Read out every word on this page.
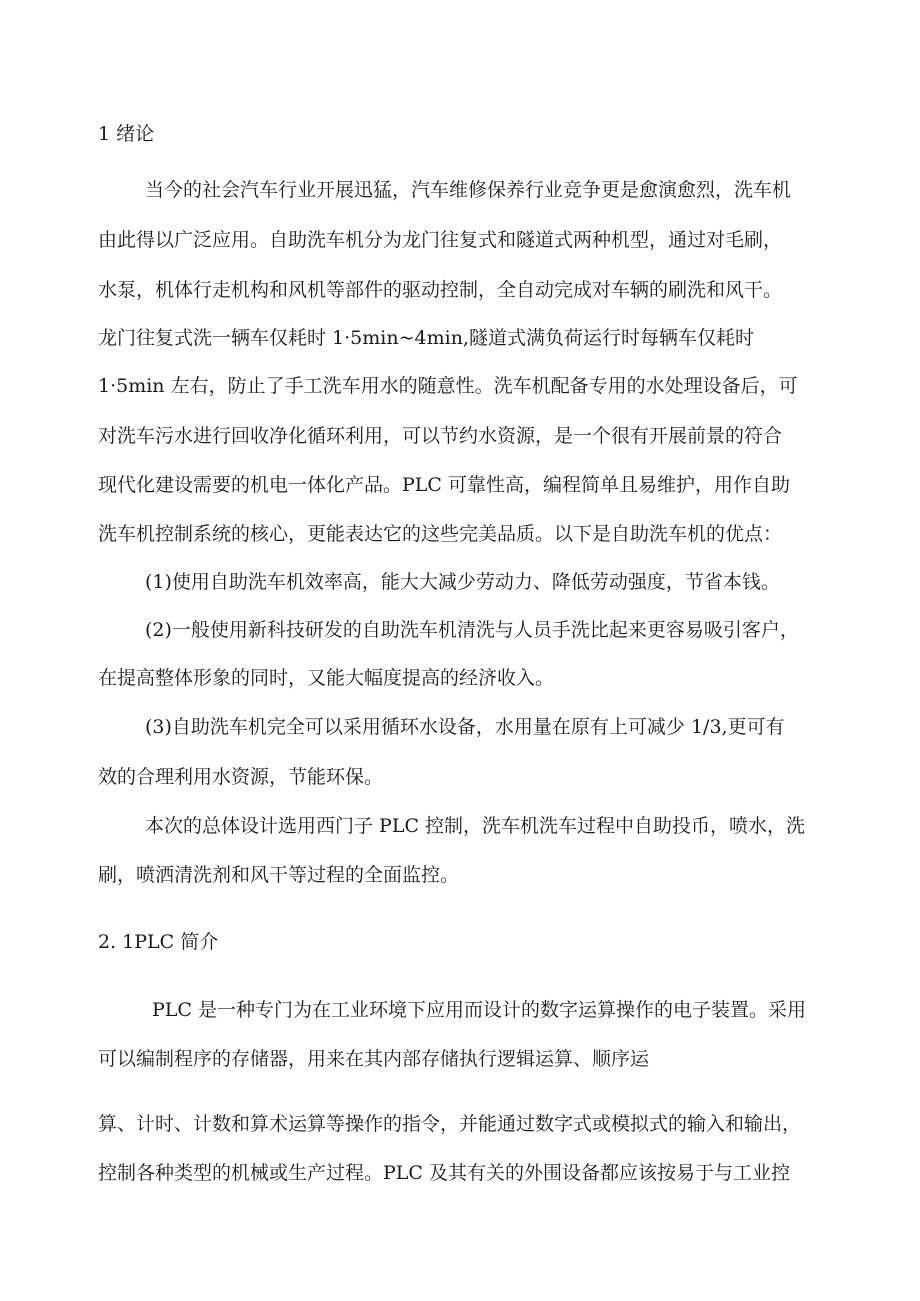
1 绪论
当今的社会汽车行业开展迅猛，汽车维修保养行业竞争更是愈演愈烈，洗车机
由此得以广泛应用。自助洗车机分为龙门往复式和隧道式两种机型，通过对毛刷，
水泵，机体行走机构和风机等部件的驱动控制，全自动完成对车辆的刷洗和风干。
龙门往复式洗一辆车仅耗时 1·5min~4min,隧道式满负荷运行时每辆车仅耗时
1·5min 左右，防止了手工洗车用水的随意性。洗车机配备专用的水处理设备后，可
对洗车污水进行回收净化循环利用，可以节约水资源，是一个很有开展前景的符合
现代化建设需要的机电一体化产品。PLC 可靠性高，编程简单且易维护，用作自助
洗车机控制系统的核心，更能表达它的这些完美品质。以下是自助洗车机的优点：
(1)使用自助洗车机效率高，能大大减少劳动力、降低劳动强度，节省本钱。
(2)一般使用新科技研发的自助洗车机清洗与人员手洗比起来更容易吸引客户，
在提高整体形象的同时，又能大幅度提高的经济收入。
(3)自助洗车机完全可以采用循环水设备，水用量在原有上可减少 1/3,更可有
效的合理利用水资源，节能环保。
本次的总体设计选用西门子 PLC 控制，洗车机洗车过程中自助投币，喷水，洗
刷，喷洒清洗剂和风干等过程的全面监控。
2. 1PLC 简介
PLC 是一种专门为在工业环境下应用而设计的数字运算操作的电子装置。采用
可以编制程序的存储器，用来在其内部存储执行逻辑运算、顺序运
算、计时、计数和算术运算等操作的指令，并能通过数字式或模拟式的输入和输出，
控制各种类型的机械或生产过程。PLC 及其有关的外围设备都应该按易于与工业控
